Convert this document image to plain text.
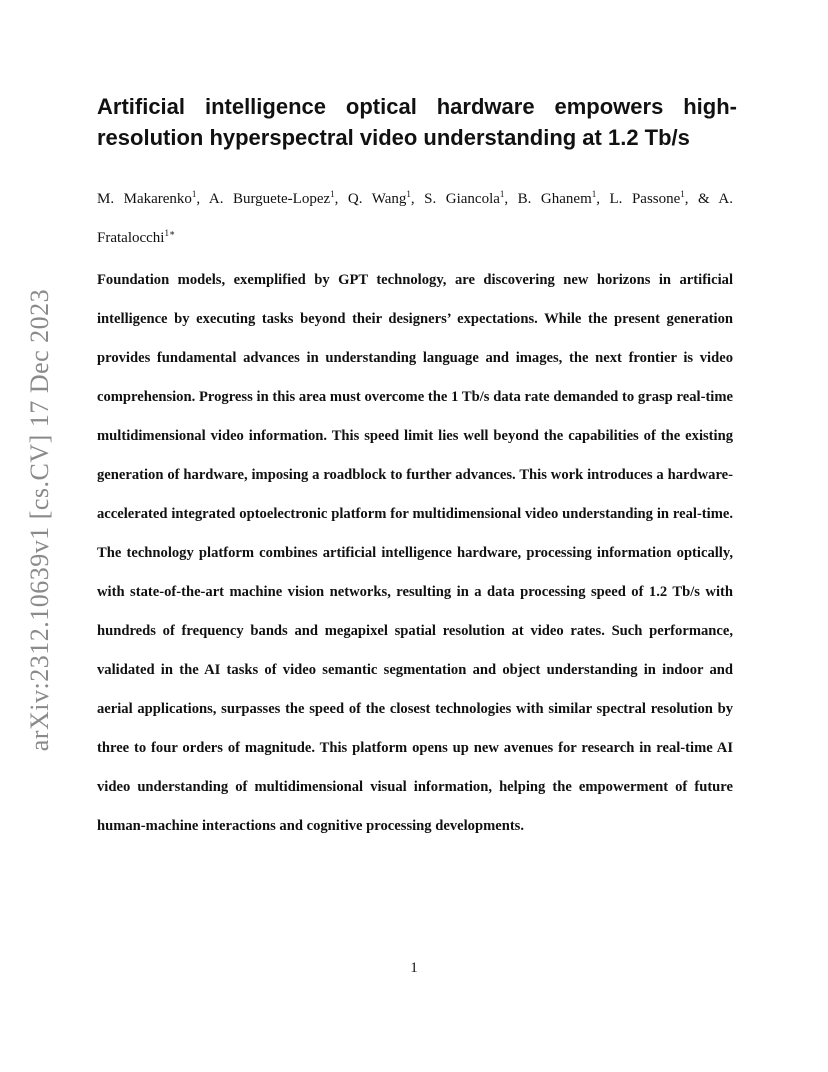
arXiv:2312.10639v1 [cs.CV] 17 Dec 2023
Artificial intelligence optical hardware empowers high-resolution hyperspectral video understanding at 1.2 Tb/s

M. Makarenko$^1$, A. Burguete-Lopez$^1$, Q. Wang$^1$, S. Giancola$^1$, B. Ghanem$^1$, L. Passone$^1$, & A. Fratalocchi$^{1∗}$

Foundation models, exemplified by GPT technology, are discovering new horizons in artificial intelligence by executing tasks beyond their designers’ expectations. While the present generation provides fundamental advances in understanding language and images, the next frontier is video comprehension. Progress in this area must overcome the 1 Tb/s data rate demanded to grasp real-time multidimensional video information. This speed limit lies well beyond the capabilities of the existing generation of hardware, imposing a roadblock to further advances. This work introduces a hardware-accelerated integrated optoelectronic platform for multidimensional video understanding in real-time. The technology platform combines artificial intelligence hardware, processing information optically, with state-of-the-art machine vision networks, resulting in a data processing speed of 1.2 Tb/s with hundreds of frequency bands and megapixel spatial resolution at video rates. Such performance, validated in the AI tasks of video semantic segmentation and object understanding in indoor and aerial applications, surpasses the speed of the closest technologies with similar spectral resolution by three to four orders of magnitude. This platform opens up new avenues for research in real-time AI video understanding of multidimensional visual information, helping the empowerment of future human-machine interactions and cognitive processing developments.

1
